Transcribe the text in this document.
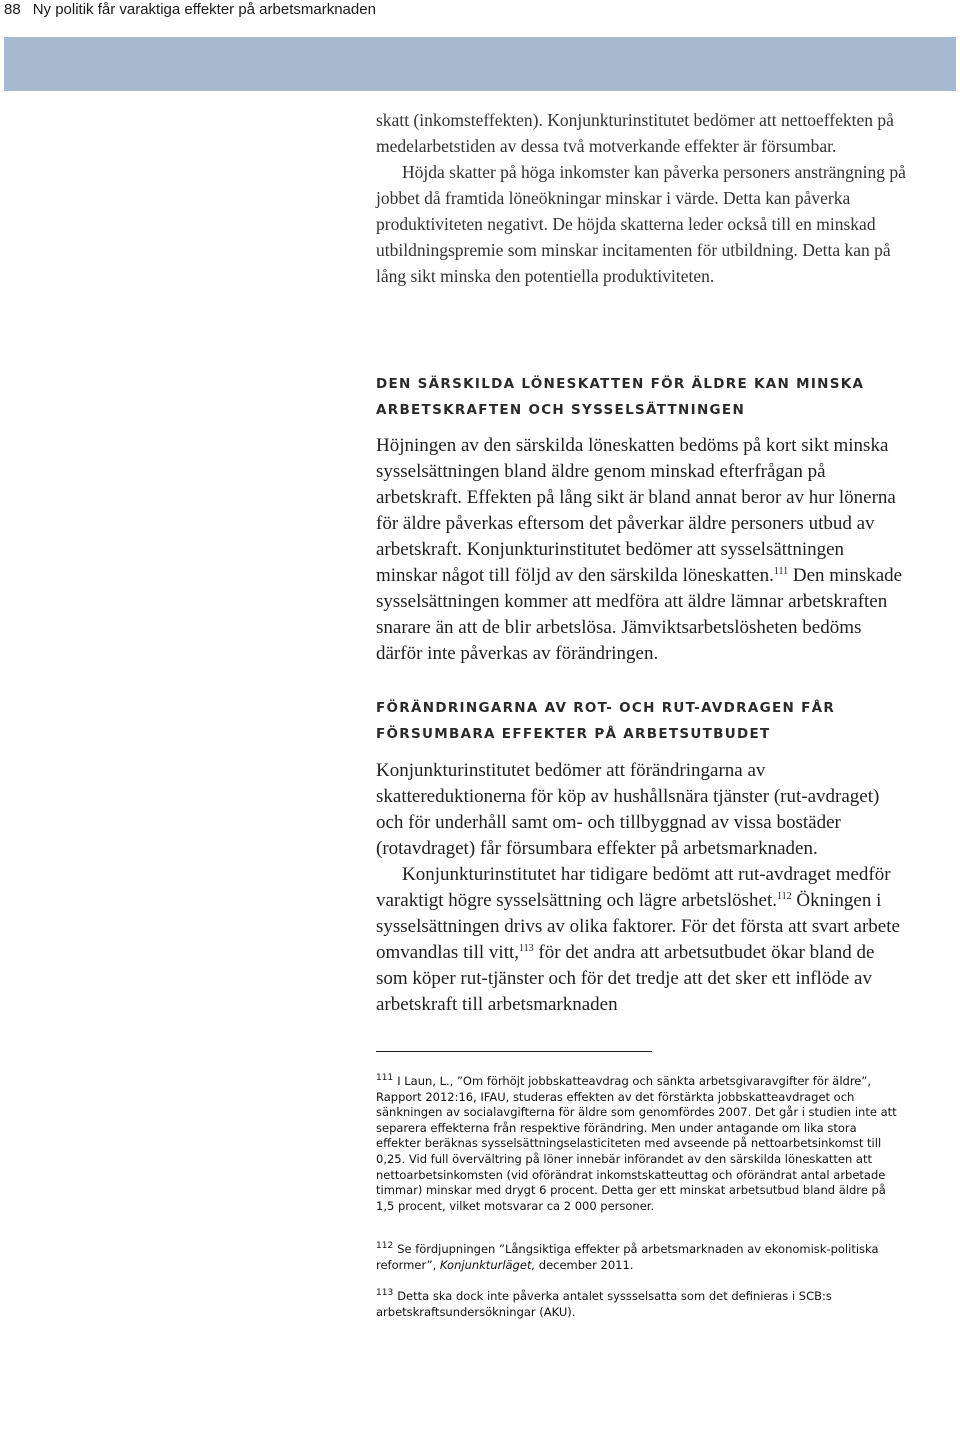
88 Ny politik får varaktiga effekter på arbetsmarknaden

skatt (inkomsteffekten). Konjunkturinstitutet bedömer att nettoeffekten på medelarbetstiden av dessa två motverkande effekter är försumbar.

Höjda skatter på höga inkomster kan påverka personers ansträngning på jobbet då framtida löneökningar minskar i värde. Detta kan påverka produktiviteten negativt. De höjda skatterna leder också till en minskad utbildningspremie som minskar incitamenten för utbildning. Detta kan på lång sikt minska den potentiella produktiviteten.

DEN SÄRSKILDA LÖNESKATTEN FÖR ÄLDRE KAN MINSKA ARBETSKRAFTEN OCH SYSSELSÄTTNINGEN

Höjningen av den särskilda löneskatten bedöms på kort sikt minska sysselsättningen bland äldre genom minskad efterfrågan på arbetskraft. Effekten på lång sikt är bland annat beror av hur lönerna för äldre påverkas eftersom det påverkar äldre personers utbud av arbetskraft. Konjunkturinstitutet bedömer att sysselsättningen minskar något till följd av den särskilda löneskatten.$^{111}$ Den minskade sysselsättningen kommer att medföra att äldre lämnar arbetskraften snarare än att de blir arbetslösa. Jämviktsarbetslösheten bedöms därför inte påverkas av förändringen.

FÖRÄNDRINGARNA AV ROT- OCH RUT-AVDRAGEN FÅR FÖRSUMBARA EFFEKTER PÅ ARBETSUTBUDET

Konjunkturinstitutet bedömer att förändringarna av skattereduktionerna för köp av hushållsnära tjänster (rut-avdraget) och för underhåll samt om- och tillbyggnad av vissa bostäder (rotavdraget) får försumbara effekter på arbetsmarknaden.

Konjunkturinstitutet har tidigare bedömt att rut-avdraget medför varaktigt högre sysselsättning och lägre arbetslöshet.$^{112}$ Ökningen i sysselsättningen drivs av olika faktorer. För det första att svart arbete omvandlas till vitt,$^{113}$ för det andra att arbetsutbudet ökar bland de som köper rut-tjänster och för det tredje att det sker ett inflöde av arbetskraft till arbetsmarknaden

$^{111}$ I Laun, L., ”Om förhöjt jobbskatteavdrag och sänkta arbetsgivaravgifter för äldre”, Rapport 2012:16, IFAU, studeras effekten av det förstärkta jobbskatteavdraget och sänkningen av socialavgifterna för äldre som genomfördes 2007. Det går i studien inte att separera effekterna från respektive förändring. Men under antagande om lika stora effekter beräknas sysselsättningselasticiteten med avseende på nettoarbetsinkomst till 0,25. Vid full övervältring på löner innebär införandet av den särskilda löneskatten att nettoarbetsinkomsten (vid oförändrat inkomstskatteuttag och oförändrat antal arbetade timmar) minskar med drygt 6 procent. Detta ger ett minskat arbetsutbud bland äldre på 1,5 procent, vilket motsvarar ca 2 000 personer.
$^{112}$ Se fördjupningen ”Långsiktiga effekter på arbetsmarknaden av ekonomisk-politiska reformer”, Konjunkturläget, december 2011.
$^{113}$ Detta ska dock inte påverka antalet syssselsatta som det definieras i SCB:s arbetskraftsundersökningar (AKU).
